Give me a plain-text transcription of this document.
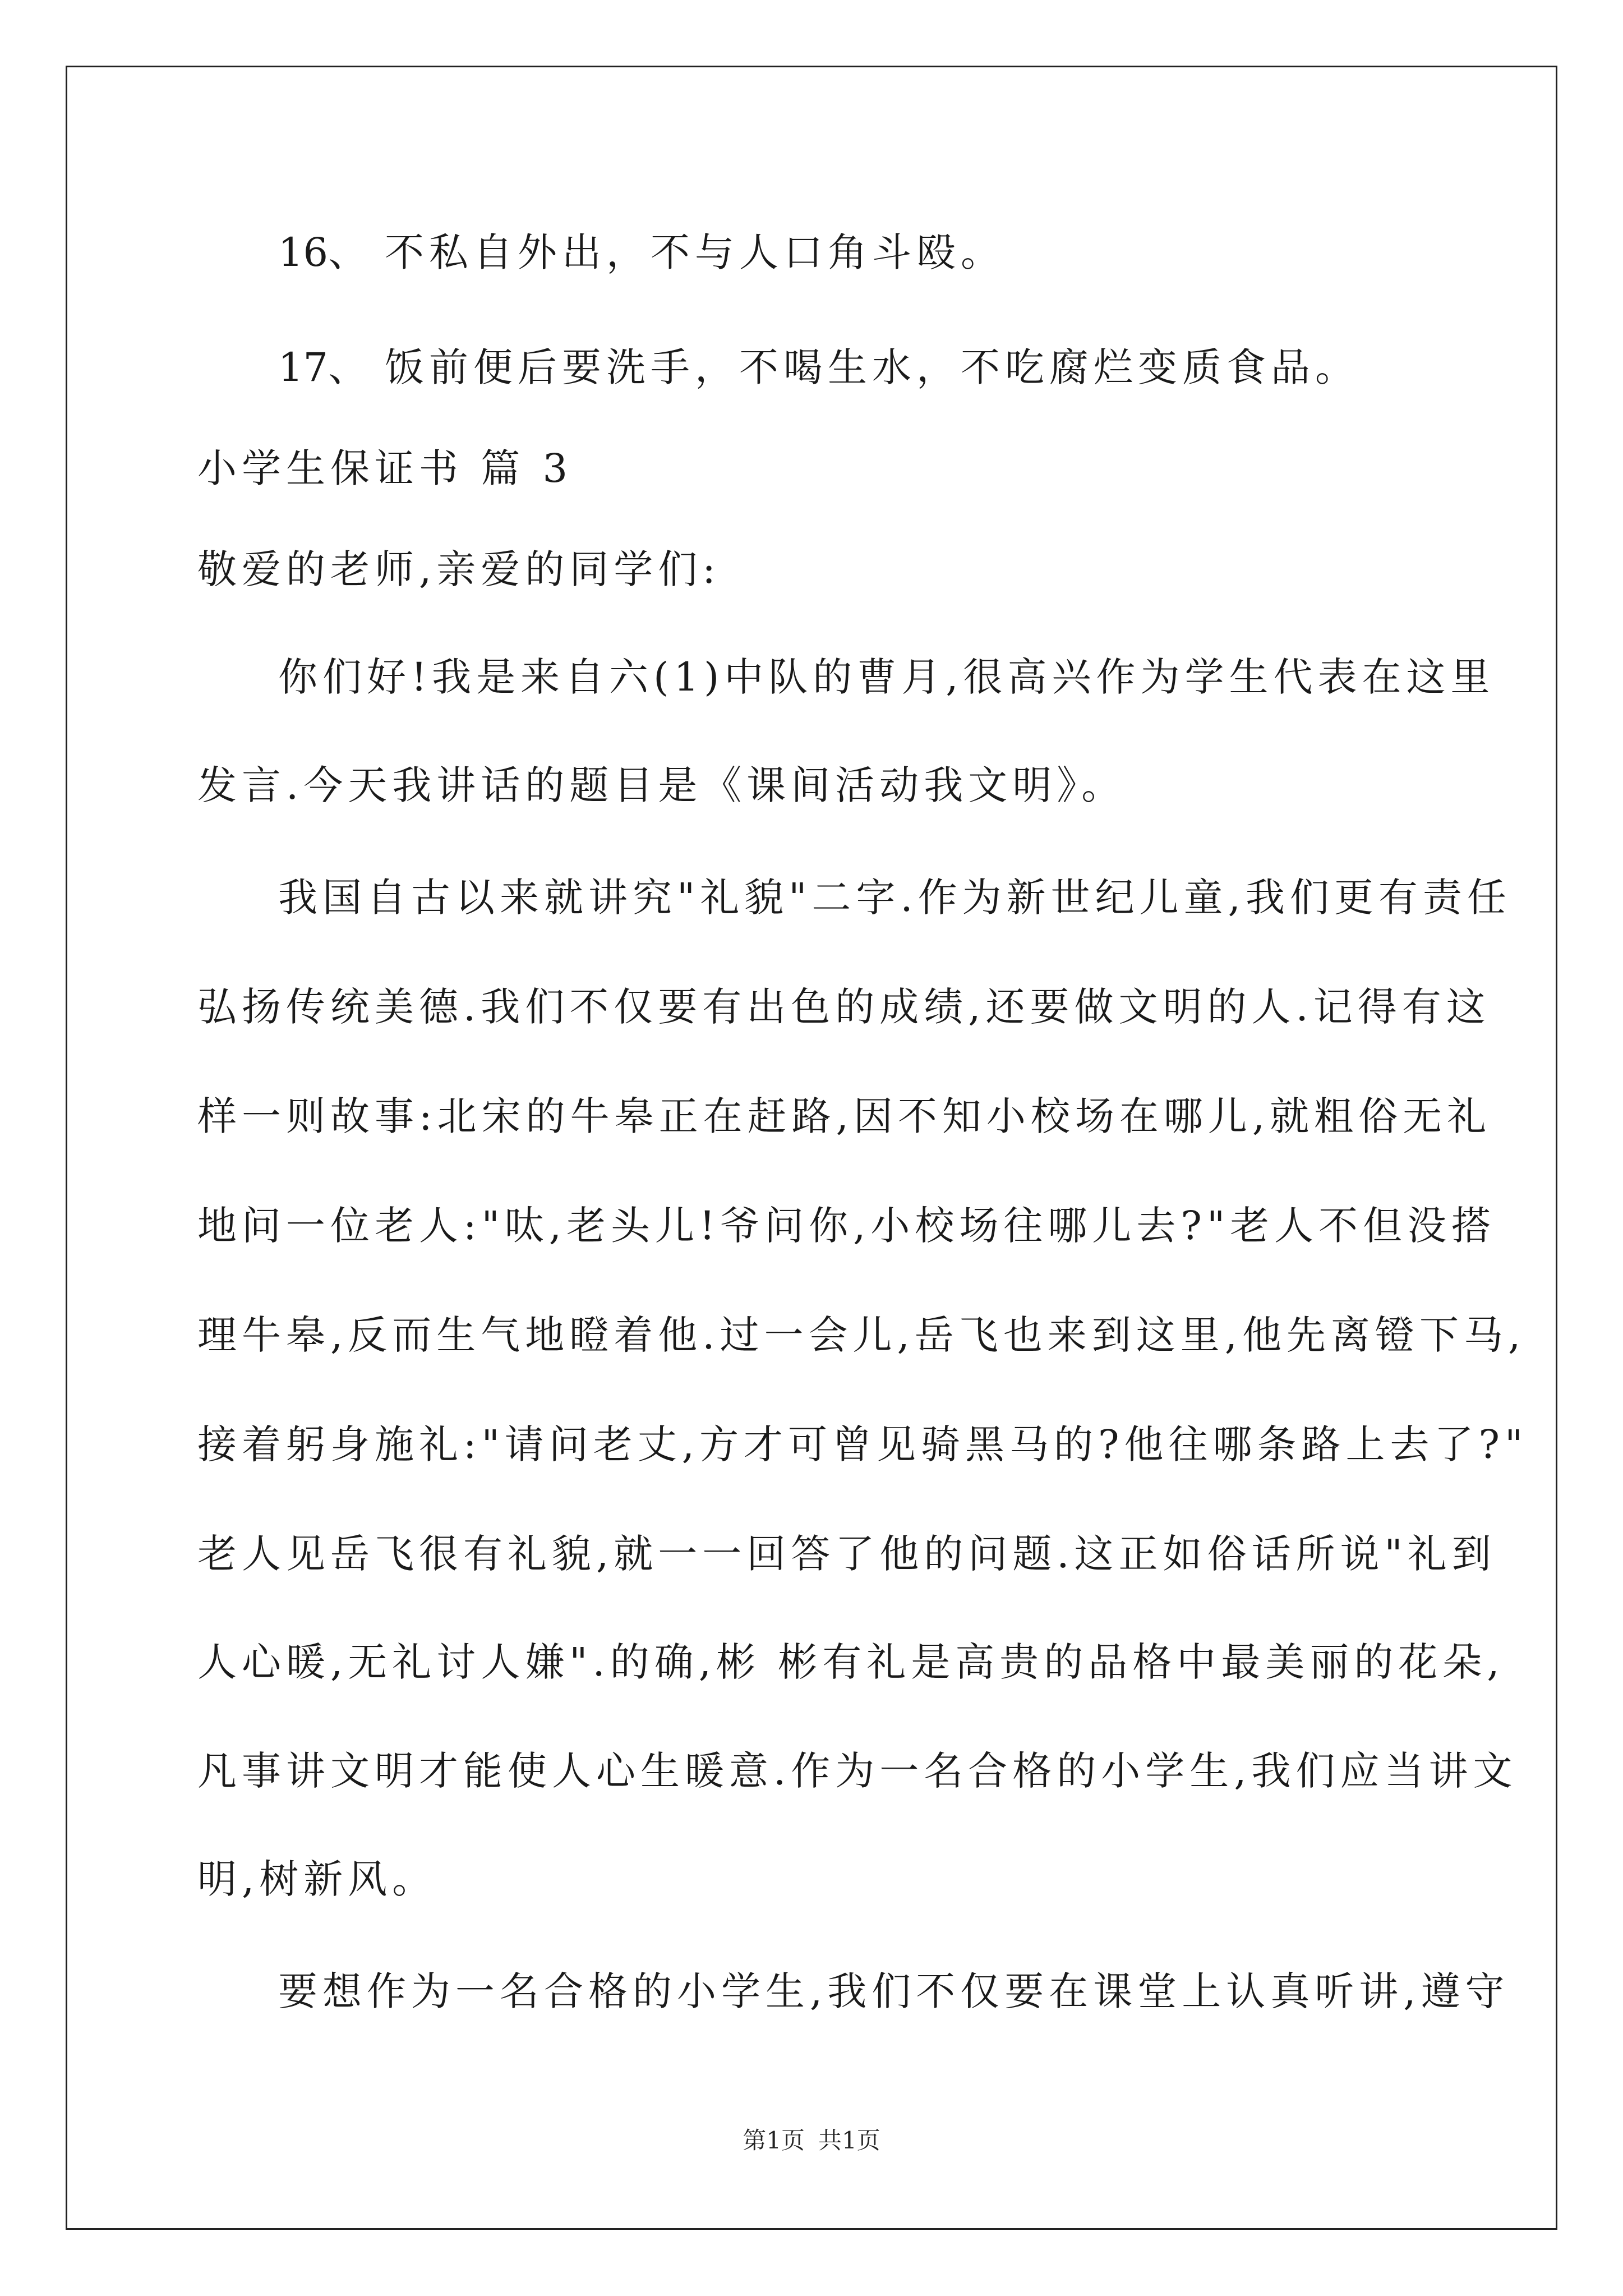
16、 不私自外出，不与人口角斗殴。
17、 饭前便后要洗手，不喝生水，不吃腐烂变质食品。
小学生保证书 篇 3
敬爱的老师,亲爱的同学们:
你们好!我是来自六(1)中队的曹月,很高兴作为学生代表在这里
发言.今天我讲话的题目是《课间活动我文明》。
我国自古以来就讲究"礼貌"二字.作为新世纪儿童,我们更有责任
弘扬传统美德.我们不仅要有出色的成绩,还要做文明的人.记得有这
样一则故事:北宋的牛皋正在赶路,因不知小校场在哪儿,就粗俗无礼
地问一位老人:"呔,老头儿!爷问你,小校场往哪儿去?"老人不但没搭
理牛皋,反而生气地瞪着他.过一会儿,岳飞也来到这里,他先离镫下马,
接着躬身施礼:"请问老丈,方才可曾见骑黑马的?他往哪条路上去了?"
老人见岳飞很有礼貌,就一一回答了他的问题.这正如俗话所说"礼到
人心暖,无礼讨人嫌".的确,彬 彬有礼是高贵的品格中最美丽的花朵,
凡事讲文明才能使人心生暖意.作为一名合格的小学生,我们应当讲文
明,树新风。
要想作为一名合格的小学生,我们不仅要在课堂上认真听讲,遵守
第1页 共1页
